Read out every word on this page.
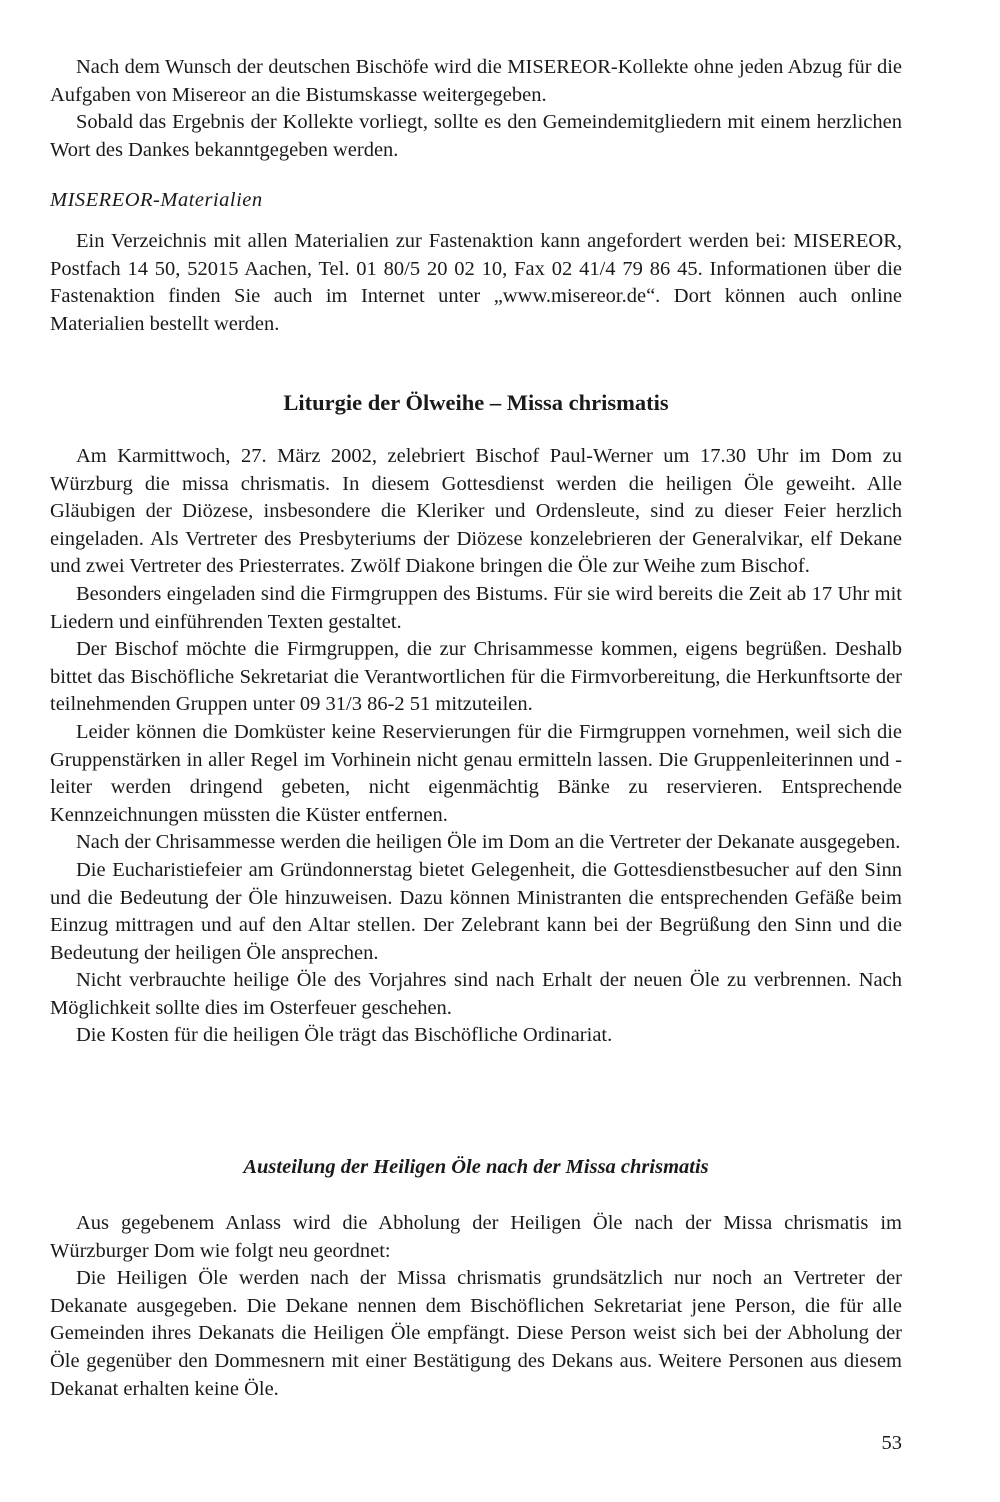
Nach dem Wunsch der deutschen Bischöfe wird die MISEREOR-Kollekte ohne jeden Abzug für die Aufgaben von Misereor an die Bistumskasse weitergegeben.

Sobald das Ergebnis der Kollekte vorliegt, sollte es den Gemeindemitgliedern mit einem herzlichen Wort des Dankes bekanntgegeben werden.

MISEREOR-Materialien

Ein Verzeichnis mit allen Materialien zur Fastenaktion kann angefordert werden bei: MISEREOR, Postfach 14 50, 52015 Aachen, Tel. 01 80/5 20 02 10, Fax 02 41/4 79 86 45. Informationen über die Fastenaktion finden Sie auch im Internet unter „www.misereor.de“. Dort können auch online Materialien bestellt werden.

Liturgie der Ölweihe – Missa chrismatis

Am Karmittwoch, 27. März 2002, zelebriert Bischof Paul-Werner um 17.30 Uhr im Dom zu Würzburg die missa chrismatis. In diesem Gottesdienst werden die heiligen Öle geweiht. Alle Gläubigen der Diözese, insbesondere die Kleriker und Ordensleute, sind zu dieser Feier herzlich eingeladen. Als Vertreter des Presbyteriums der Diözese konzelebrieren der Generalvikar, elf Dekane und zwei Vertreter des Priesterrates. Zwölf Diakone bringen die Öle zur Weihe zum Bischof.

Besonders eingeladen sind die Firmgruppen des Bistums. Für sie wird bereits die Zeit ab 17 Uhr mit Liedern und einführenden Texten gestaltet.

Der Bischof möchte die Firmgruppen, die zur Chrisammesse kommen, eigens begrüßen. Deshalb bittet das Bischöfliche Sekretariat die Verantwortlichen für die Firmvorbereitung, die Herkunftsorte der teilnehmenden Gruppen unter 09 31/3 86-2 51 mitzuteilen.

Leider können die Domküster keine Reservierungen für die Firmgruppen vornehmen, weil sich die Gruppenstärken in aller Regel im Vorhinein nicht genau ermitteln lassen. Die Gruppenleiterinnen und -leiter werden dringend gebeten, nicht eigenmächtig Bänke zu reservieren. Entsprechende Kennzeichnungen müssten die Küster entfernen.

Nach der Chrisammesse werden die heiligen Öle im Dom an die Vertreter der Dekanate ausgegeben.

Die Eucharistiefeier am Gründonnerstag bietet Gelegenheit, die Gottesdienstbesucher auf den Sinn und die Bedeutung der Öle hinzuweisen. Dazu können Ministranten die entsprechenden Gefäße beim Einzug mittragen und auf den Altar stellen. Der Zelebrant kann bei der Begrüßung den Sinn und die Bedeutung der heiligen Öle ansprechen.

Nicht verbrauchte heilige Öle des Vorjahres sind nach Erhalt der neuen Öle zu verbrennen. Nach Möglichkeit sollte dies im Osterfeuer geschehen.

Die Kosten für die heiligen Öle trägt das Bischöfliche Ordinariat.

Austeilung der Heiligen Öle nach der Missa chrismatis

Aus gegebenem Anlass wird die Abholung der Heiligen Öle nach der Missa chrismatis im Würzburger Dom wie folgt neu geordnet:

Die Heiligen Öle werden nach der Missa chrismatis grundsätzlich nur noch an Vertreter der Dekanate ausgegeben. Die Dekane nennen dem Bischöflichen Sekretariat jene Person, die für alle Gemeinden ihres Dekanats die Heiligen Öle empfängt. Diese Person weist sich bei der Abholung der Öle gegenüber den Dommesnern mit einer Bestätigung des Dekans aus. Weitere Personen aus diesem Dekanat erhalten keine Öle.

53
